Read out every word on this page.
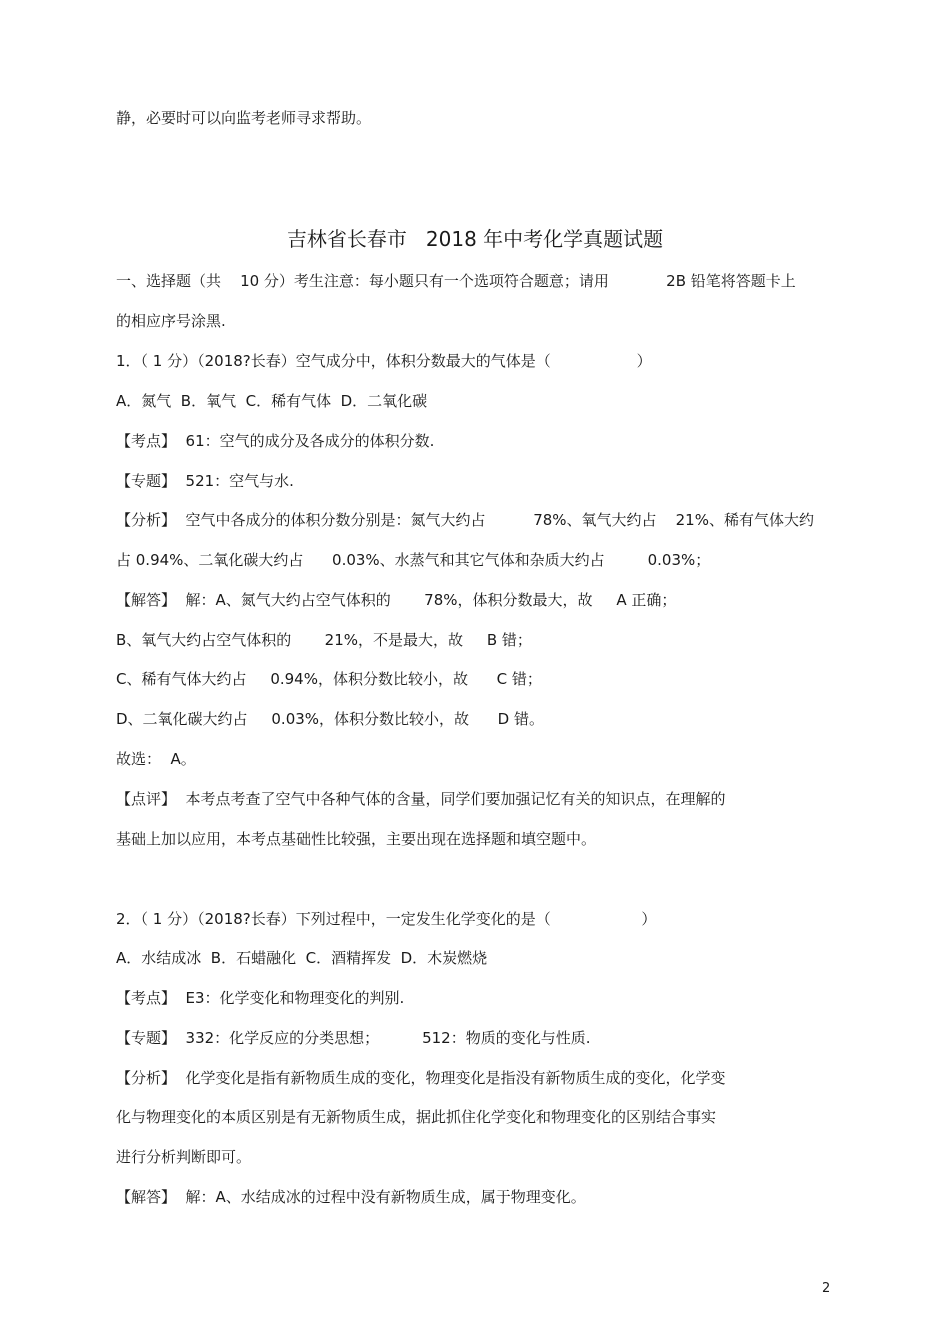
静，必要时可以向监考老师寻求帮助。
吉林省长春市   2018 年中考化学真题试题
一、选择题（共    10 分）考生注意：每小题只有一个选项符合题意；请用            2B 铅笔将答题卡上
的相应序号涂黑.
1．（ 1 分）（2018?长春）空气成分中，体积分数最大的气体是（                  ）
A．氮气  B．氧气  C．稀有气体  D．二氧化碳
【考点】  61：空气的成分及各成分的体积分数.
【专题】  521：空气与水.
【分析】  空气中各成分的体积分数分别是：氮气大约占          78%、氧气大约占    21%、稀有气体大约
占 0.94%、二氧化碳大约占      0.03%、水蒸气和其它气体和杂质大约占         0.03%；
【解答】  解：A、氮气大约占空气体积的       78%，体积分数最大，故     A 正确；
B、氧气大约占空气体积的       21%，不是最大，故     B 错；
C、稀有气体大约占     0.94%，体积分数比较小，故      C 错；
D、二氧化碳大约占     0.03%，体积分数比较小，故      D 错。
故选：  A。
【点评】  本考点考查了空气中各种气体的含量，同学们要加强记忆有关的知识点，在理解的
基础上加以应用，本考点基础性比较强，主要出现在选择题和填空题中。
2．（ 1 分）（2018?长春）下列过程中，一定发生化学变化的是（                   ）
A．水结成冰  B．石蜡融化  C．酒精挥发  D．木炭燃烧
【考点】  E3：化学变化和物理变化的判别.
【专题】  332：化学反应的分类思想；         512：物质的变化与性质.
【分析】  化学变化是指有新物质生成的变化，物理变化是指没有新物质生成的变化，化学变
化与物理变化的本质区别是有无新物质生成，据此抓住化学变化和物理变化的区别结合事实
进行分析判断即可。
【解答】  解：A、水结成冰的过程中没有新物质生成，属于物理变化。
2
